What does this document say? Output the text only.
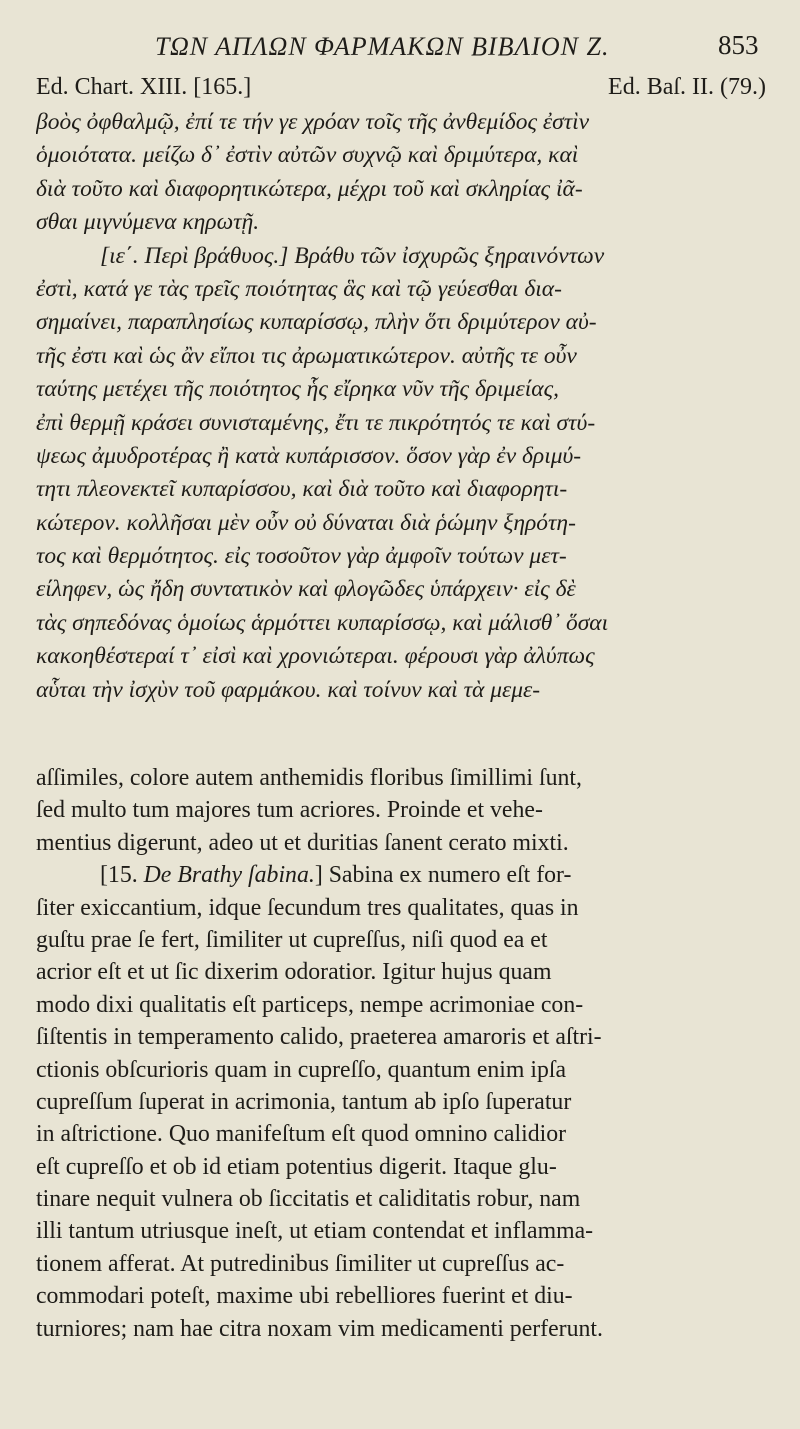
ΤΩΝ ΑΠΛΩΝ ΦΑΡΜΑΚΩΝ ΒΙΒΛΙΟΝ Ζ.	853
Ed. Chart. XIII. [165.]	Ed. Baſ. II. (79.)
βοὸς ὀφθαλμῷ, ἐπί τε τήν γε χρόαν τοῖς τῆς ἀνθεμίδος ἐστὶν
ὁμοιότατα. μείζω δ᾽ ἐστὶν αὐτῶν συχνῷ καὶ δριμύτερα, καὶ
διὰ τοῦτο καὶ διαφορητικώτερα, μέχρι τοῦ καὶ σκληρίας ἰᾶ-
σθαι μιγνύμενα κηρωτῇ.
[ιε΄. Περὶ βράθυος.] Βράθυ τῶν ἰσχυρῶς ξηραινόντων
ἐστὶ, κατά γε τὰς τρεῖς ποιότητας ἃς καὶ τῷ γεύεσθαι δια-
σημαίνει, παραπλησίως κυπαρίσσῳ, πλὴν ὅτι δριμύτερον αὐ-
τῆς ἐστι καὶ ὡς ἂν εἴποι τις ἀρωματικώτερον. αὐτῆς τε οὖν
ταύτης μετέχει τῆς ποιότητος ἧς εἴρηκα νῦν τῆς δριμείας,
ἐπὶ θερμῇ κράσει συνισταμένης, ἔτι τε πικρότητός τε καὶ στύ-
ψεως ἀμυδροτέρας ἢ κατὰ κυπάρισσον. ὅσον γὰρ ἐν δριμύ-
τητι πλεονεκτεῖ κυπαρίσσου, καὶ διὰ τοῦτο καὶ διαφορητι-
κώτερον. κολλῆσαι μὲν οὖν οὐ δύναται διὰ ῥώμην ξηρότη-
τος καὶ θερμότητος. εἰς τοσοῦτον γὰρ ἀμφοῖν τούτων μετ-
είληφεν, ὡς ἤδη συντατικὸν καὶ φλογῶδες ὑπάρχειν· εἰς δὲ
τὰς σηπεδόνας ὁμοίως ἁρμόττει κυπαρίσσῳ, καὶ μάλισθ᾽ ὅσαι
κακοηθέστεραί τ᾽ εἰσὶ καὶ χρονιώτεραι. φέρουσι γὰρ ἀλύπως
αὗται τὴν ἰσχὺν τοῦ φαρμάκου. καὶ τοίνυν καὶ τὰ μεμε-
aſſimiles, colore autem anthemidis floribus ſimillimi ſunt,
ſed multo tum majores tum acriores. Proinde et vehe-
mentius digerunt, adeo ut et duritias ſanent cerato mixti.
[15. De Brathy ſabina.] Sabina ex numero eſt for-
ſiter exiccantium, idque ſecundum tres qualitates, quas in
guſtu prae ſe fert, ſimiliter ut cupreſſus, niſi quod ea et
acrior eſt et ut ſic dixerim odoratior. Igitur hujus quam
modo dixi qualitatis eſt particeps, nempe acrimoniae con-
ſiſtentis in temperamento calido, praeterea amaroris et aſtri-
ctionis obſcurioris quam in cupreſſo, quantum enim ipſa
cupreſſum ſuperat in acrimonia, tantum ab ipſo ſuperatur
in aſtrictione. Quo manifeſtum eſt quod omnino calidior
eſt cupreſſo et ob id etiam potentius digerit. Itaque glu-
tinare nequit vulnera ob ſiccitatis et caliditatis robur, nam
illi tantum utriusque ineſt, ut etiam contendat et inflamma-
tionem afferat. At putredinibus ſimiliter ut cupreſſus ac-
commodari poteſt, maxime ubi rebelliores fuerint et diu-
turniores; nam hae citra noxam vim medicamenti perferunt.
